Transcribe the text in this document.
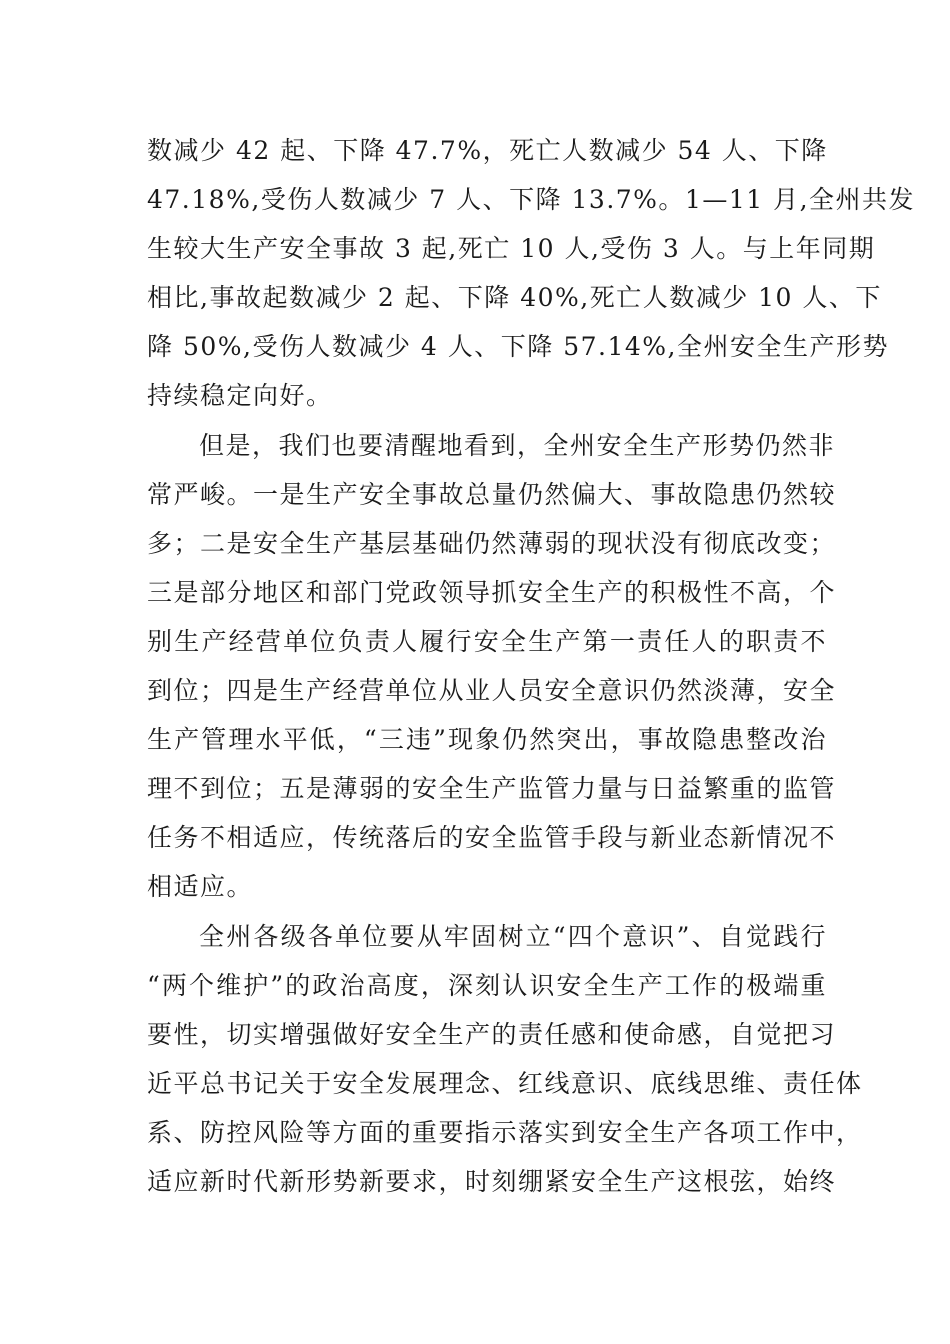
数减少 42 起、下降 47.7%，死亡人数减少 54 人、下降
47.18%,受伤人数减少 7 人、下降 13.7%。1—11 月,全州共发
生较大生产安全事故 3 起,死亡 10 人,受伤 3 人。与上年同期
相比,事故起数减少 2 起、下降 40%,死亡人数减少 10 人、下
降 50%,受伤人数减少 4 人、下降 57.14%,全州安全生产形势
持续稳定向好。
但是，我们也要清醒地看到，全州安全生产形势仍然非
常严峻。一是生产安全事故总量仍然偏大、事故隐患仍然较
多；二是安全生产基层基础仍然薄弱的现状没有彻底改变；
三是部分地区和部门党政领导抓安全生产的积极性不高，个
别生产经营单位负责人履行安全生产第一责任人的职责不
到位；四是生产经营单位从业人员安全意识仍然淡薄，安全
生产管理水平低，“三违”现象仍然突出，事故隐患整改治
理不到位；五是薄弱的安全生产监管力量与日益繁重的监管
任务不相适应，传统落后的安全监管手段与新业态新情况不
相适应。
全州各级各单位要从牢固树立“四个意识”、自觉践行
“两个维护”的政治高度，深刻认识安全生产工作的极端重
要性，切实增强做好安全生产的责任感和使命感，自觉把习
近平总书记关于安全发展理念、红线意识、底线思维、责任体
系、防控风险等方面的重要指示落实到安全生产各项工作中，
适应新时代新形势新要求，时刻绷紧安全生产这根弦，始终
